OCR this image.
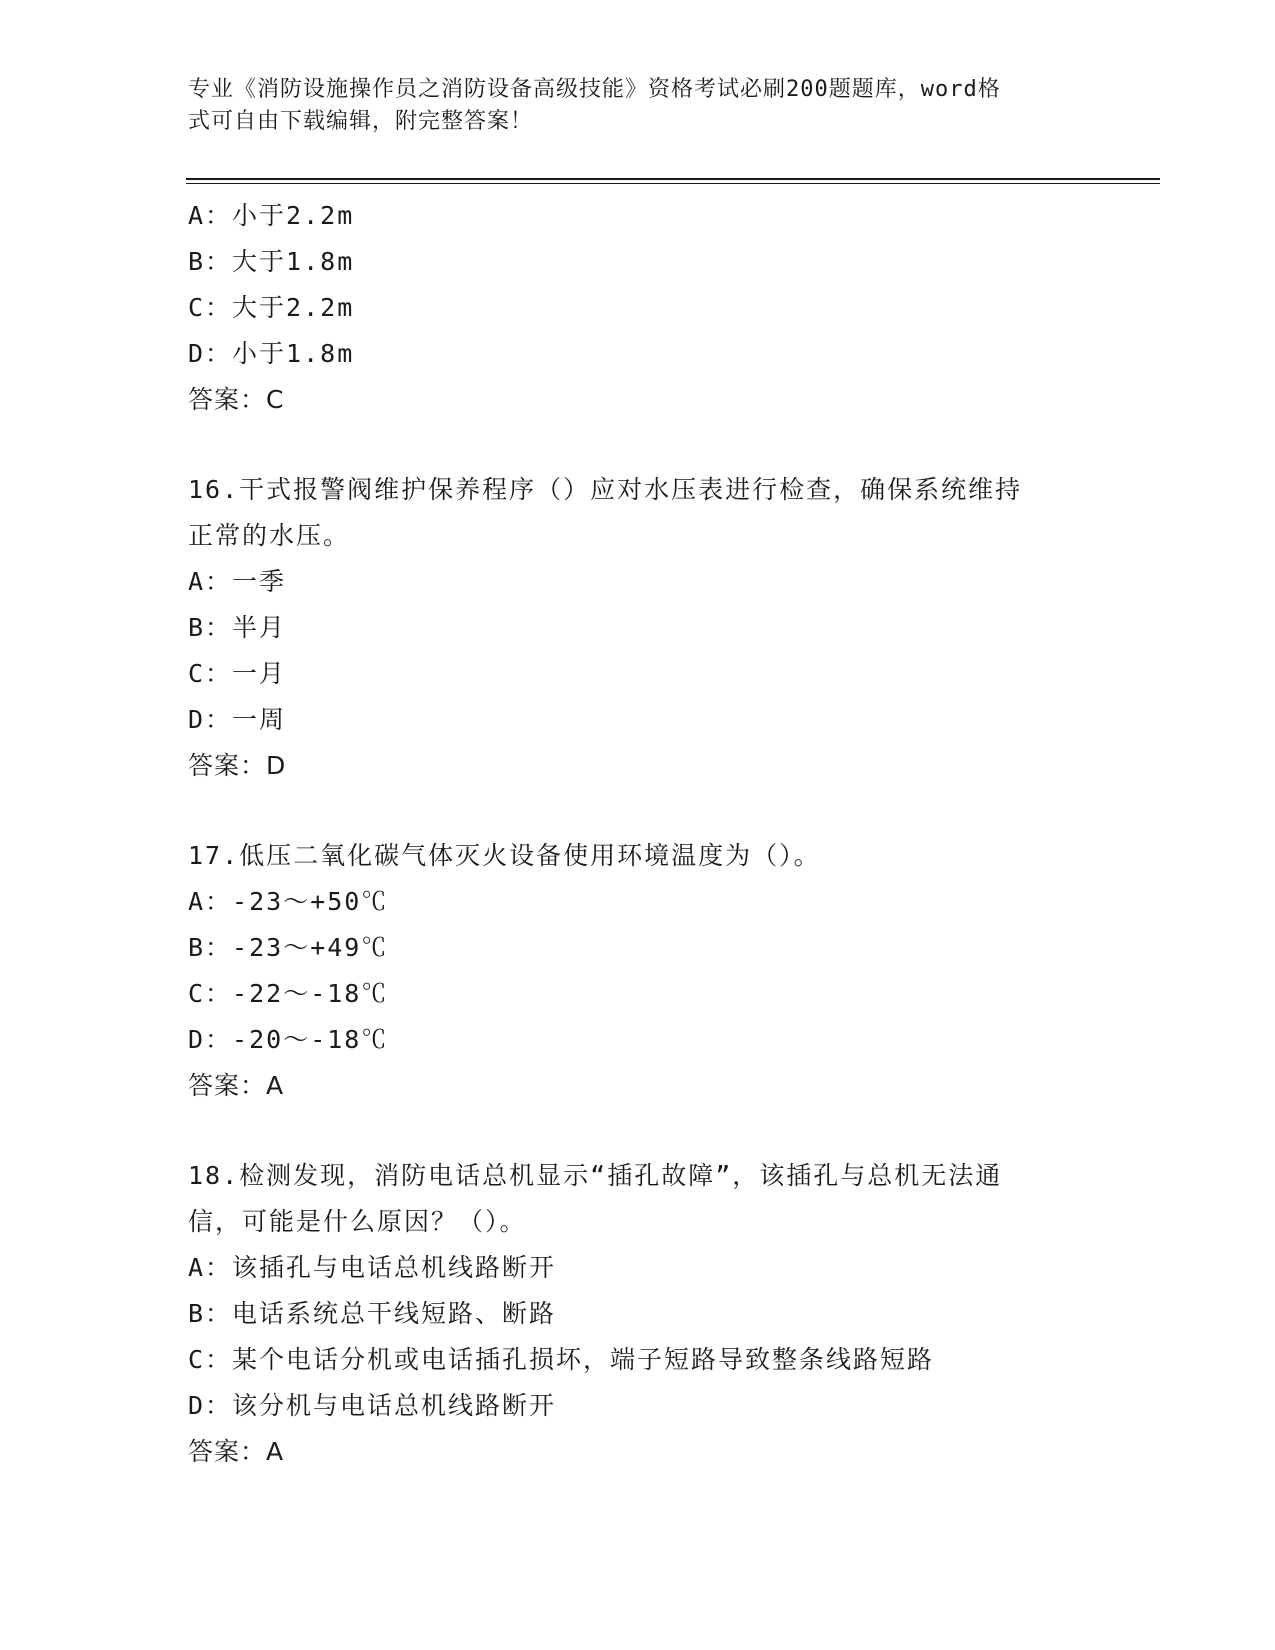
专业《消防设施操作员之消防设备高级技能》资格考试必刷200题题库，word格
式可自由下载编辑，附完整答案！
A：小于2.2m
B：大于1.8m
C：大于2.2m
D：小于1.8m
答案：C
16.干式报警阀维护保养程序（）应对水压表进行检查，确保系统维持
正常的水压。
A：一季
B：半月
C：一月
D：一周
答案：D
17.低压二氧化碳气体灭火设备使用环境温度为（）。
A：-23～+50℃
B：-23～+49℃
C：-22～-18℃
D：-20～-18℃
答案：A
18.检测发现，消防电话总机显示“插孔故障”，该插孔与总机无法通
信，可能是什么原因？（）。
A：该插孔与电话总机线路断开
B：电话系统总干线短路、断路
C：某个电话分机或电话插孔损坏，端子短路导致整条线路短路
D：该分机与电话总机线路断开
答案：A
